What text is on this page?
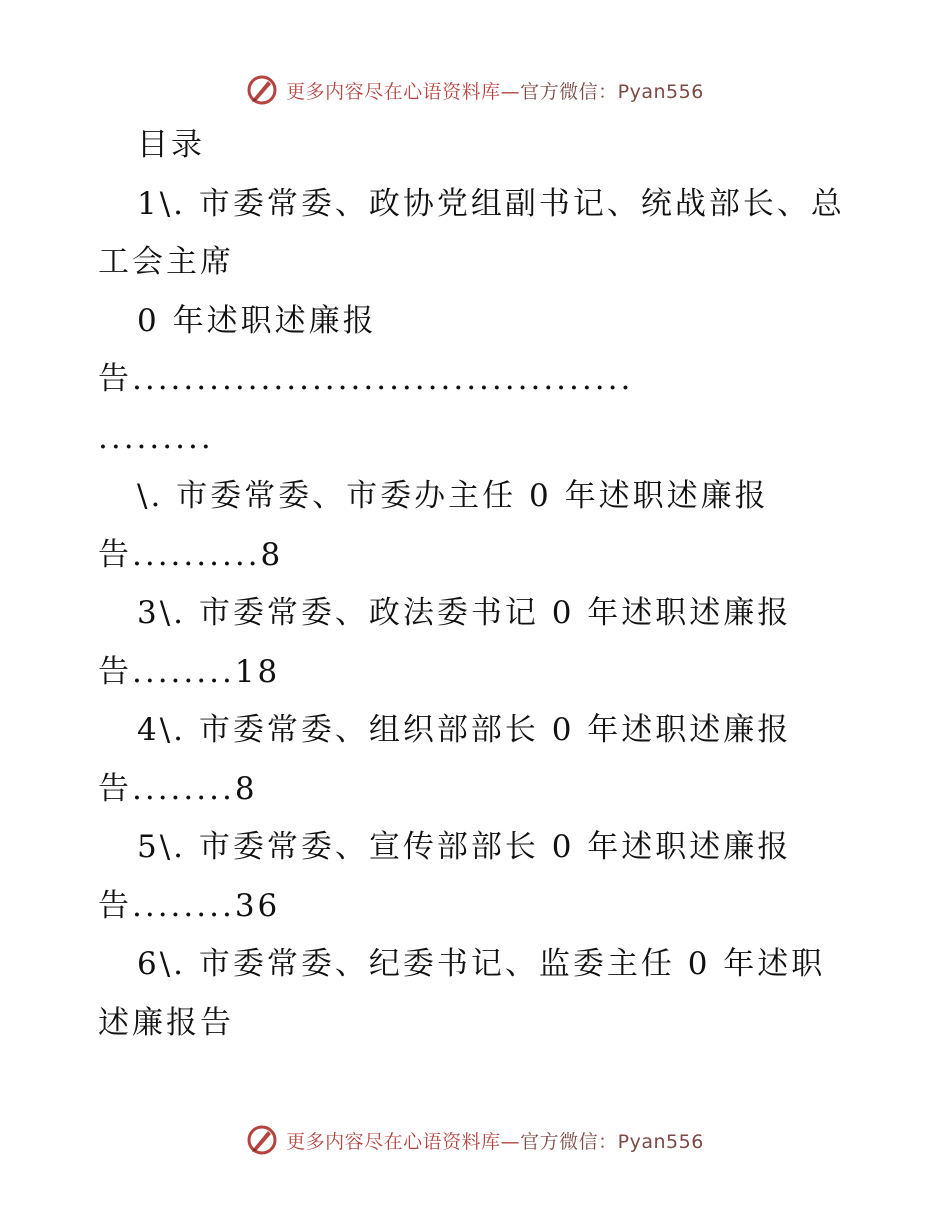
更多内容尽在心语资料库—官方微信：Pyan556
目录
1\. 市委常委、政协党组副书记、统战部长、总
工会主席
0 年述职述廉报
告.......................................
.........
\. 市委常委、市委办主任 0 年述职述廉报
告..........8
3\. 市委常委、政法委书记 0 年述职述廉报
告........18
4\. 市委常委、组织部部长 0 年述职述廉报
告........8
5\. 市委常委、宣传部部长 0 年述职述廉报
告........36
6\. 市委常委、纪委书记、监委主任 0 年述职
述廉报告
更多内容尽在心语资料库—官方微信：Pyan556
